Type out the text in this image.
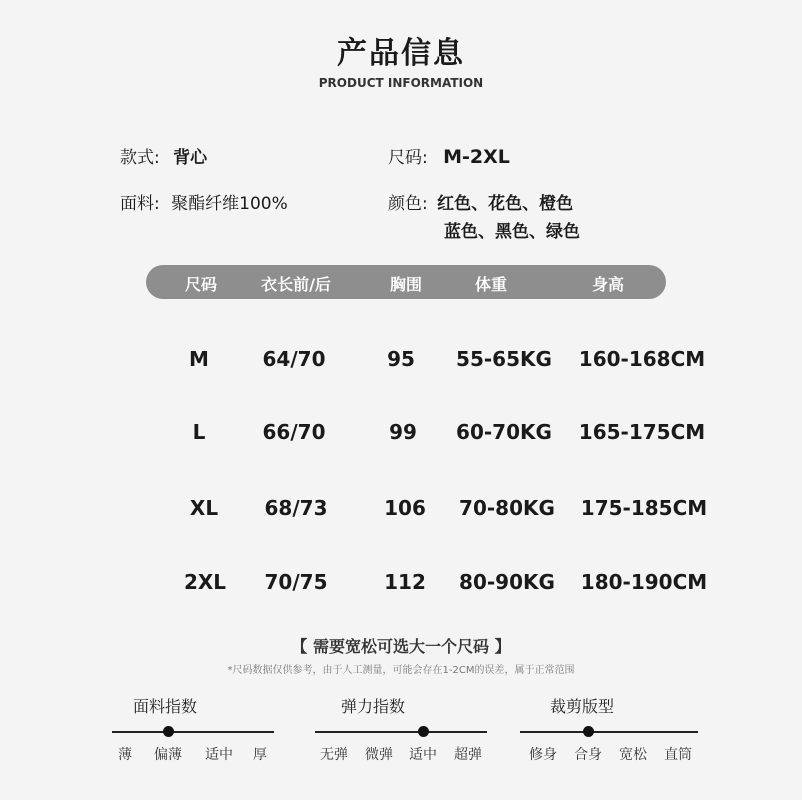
产品信息
PRODUCT INFORMATION
款式: 背心	尺码: M-2XL
面料: 聚酯纤维100%	颜色: 红色、花色、橙色
蓝色、黑色、绿色
尺码	衣长前/后	胸围	体重	身高
M	64/70	95	55-65KG	160-168CM
L	66/70	99	60-70KG	165-175CM
XL	68/73	106	70-80KG	175-185CM
2XL	70/75	112	80-90KG	180-190CM
【 需要宽松可选大一个尺码 】
*尺码数据仅供参考，由于人工测量，可能会存在1-2CM的误差，属于正常范围
面料指数
薄	偏薄	适中	厚
弹力指数
无弹	微弹	适中	超弹
裁剪版型
修身	合身	宽松	直筒
